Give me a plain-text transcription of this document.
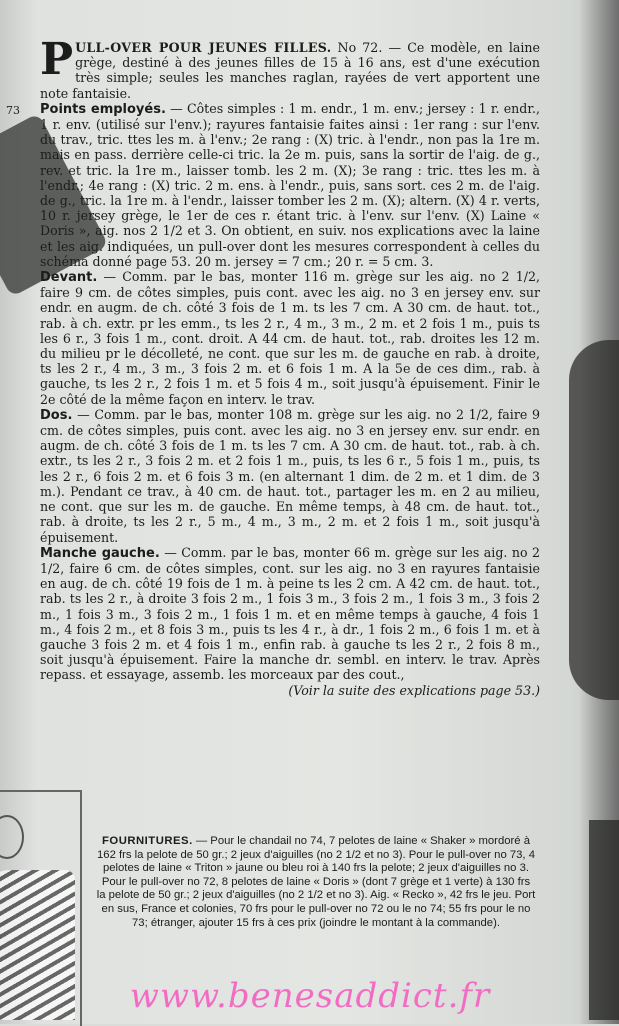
73

P ULL-OVER POUR JEUNES FILLES. No 72. — Ce modèle, en laine grège, destiné à des jeunes filles de 15 à 16 ans, est d'une exécution très simple; seules les manches raglan, rayées de vert apportent une note fantaisie.

Points employés. — Côtes simples : 1 m. endr., 1 m. env.; jersey : 1 r. endr., 1 r. env. (utilisé sur l'env.); rayures fantaisie faites ainsi : 1er rang : sur l'env. du trav., tric. ttes les m. à l'env.; 2e rang : (X) tric. à l'endr., non pas la 1re m. mais en pass. derrière celle-ci tric. la 2e m. puis, sans la sortir de l'aig. de g., rev. et tric. la 1re m., laisser tomb. les 2 m. (X); 3e rang : tric. ttes les m. à l'endr.; 4e rang : (X) tric. 2 m. ens. à l'endr., puis, sans sort. ces 2 m. de l'aig. de g., tric. la 1re m. à l'endr., laisser tomber les 2 m. (X); altern. (X) 4 r. verts, 10 r. jersey grège, le 1er de ces r. étant tric. à l'env. sur l'env. (X) Laine « Doris », aig. nos 2 1/2 et 3. On obtient, en suiv. nos explications avec la laine et les aig. indiquées, un pull-over dont les mesures correspondent à celles du schéma donné page 53. 20 m. jersey = 7 cm.; 20 r. = 5 cm. 3.

Devant. — Comm. par le bas, monter 116 m. grège sur les aig. no 2 1/2, faire 9 cm. de côtes simples, puis cont. avec les aig. no 3 en jersey env. sur endr. en augm. de ch. côté 3 fois de 1 m. ts les 7 cm. A 30 cm. de haut. tot., rab. à ch. extr. pr les emm., ts les 2 r., 4 m., 3 m., 2 m. et 2 fois 1 m., puis ts les 6 r., 3 fois 1 m., cont. droit. A 44 cm. de haut. tot., rab. droites les 12 m. du milieu pr le décolleté, ne cont. que sur les m. de gauche en rab. à droite, ts les 2 r., 4 m., 3 m., 3 fois 2 m. et 6 fois 1 m. A la 5e de ces dim., rab. à gauche, ts les 2 r., 2 fois 1 m. et 5 fois 4 m., soit jusqu'à épuisement. Finir le 2e côté de la même façon en interv. le trav.

Dos. — Comm. par le bas, monter 108 m. grège sur les aig. no 2 1/2, faire 9 cm. de côtes simples, puis cont. avec les aig. no 3 en jersey env. sur endr. en augm. de ch. côté 3 fois de 1 m. ts les 7 cm. A 30 cm. de haut. tot., rab. à ch. extr., ts les 2 r., 3 fois 2 m. et 2 fois 1 m., puis, ts les 6 r., 5 fois 1 m., puis, ts les 2 r., 6 fois 2 m. et 6 fois 3 m. (en alternant 1 dim. de 2 m. et 1 dim. de 3 m.). Pendant ce trav., à 40 cm. de haut. tot., partager les m. en 2 au milieu, ne cont. que sur les m. de gauche. En même temps, à 48 cm. de haut. tot., rab. à droite, ts les 2 r., 5 m., 4 m., 3 m., 2 m. et 2 fois 1 m., soit jusqu'à épuisement.

Manche gauche. — Comm. par le bas, monter 66 m. grège sur les aig. no 2 1/2, faire 6 cm. de côtes simples, cont. sur les aig. no 3 en rayures fantaisie en aug. de ch. côté 19 fois de 1 m. à peine ts les 2 cm. A 42 cm. de haut. tot., rab. ts les 2 r., à droite 3 fois 2 m., 1 fois 3 m., 3 fois 2 m., 1 fois 3 m., 3 fois 2 m., 1 fois 3 m., 3 fois 2 m., 1 fois 1 m. et en même temps à gauche, 4 fois 1 m., 4 fois 2 m., et 8 fois 3 m., puis ts les 4 r., à dr., 1 fois 2 m., 6 fois 1 m. et à gauche 3 fois 2 m. et 4 fois 1 m., enfin rab. à gauche ts les 2 r., 2 fois 8 m., soit jusqu'à épuisement. Faire la manche dr. sembl. en interv. le trav. Après repass. et essayage, assemb. les morceaux par des cout.,

(Voir la suite des explications page 53.)

FOURNITURES. — Pour le chandail no 74, 7 pelotes de laine « Shaker » mordoré à 162 frs la pelote de 50 gr.; 2 jeux d'aiguilles (no 2 1/2 et no 3). Pour le pull-over no 73, 4 pelotes de laine « Triton » jaune ou bleu roi à 140 frs la pelote; 2 jeux d'aiguilles no 3. Pour le pull-over no 72, 8 pelotes de laine « Doris » (dont 7 grège et 1 verte) à 130 frs la pelote de 50 gr.; 2 jeux d'aiguilles (no 2 1/2 et no 3). Aig. « Recko », 42 frs le jeu. Port en sus, France et colonies, 70 frs pour le pull-over no 72 ou le no 74; 55 frs pour le no 73; étranger, ajouter 15 frs à ces prix (joindre le montant à la commande).
www.benesaddict.fr
